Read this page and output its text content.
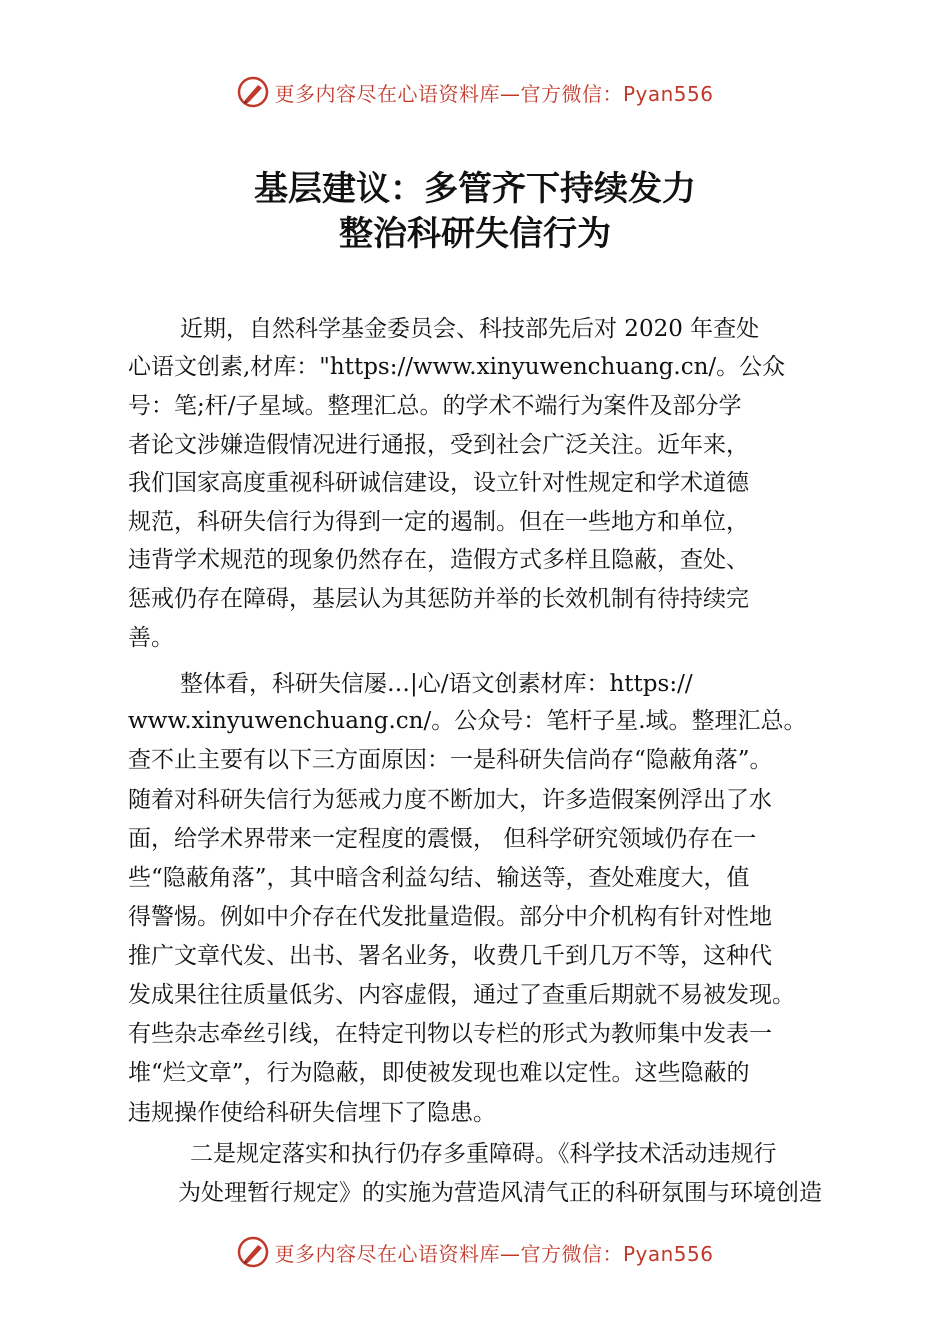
更多内容尽在心语资料库—官方微信：Pyan556
基层建议：多管齐下持续发力
整治科研失信行为
近期，自然科学基金委员会、科技部先后对 2020 年查处
心语文创素,材库："https://www.xinyuwenchuang.cn/。公众
号：笔;杆/子星域。整理汇总。的学术不端行为案件及部分学
者论文涉嫌造假情况进行通报，受到社会广泛关注。近年来，
我们国家高度重视科研诚信建设，设立针对性规定和学术道德
规范，科研失信行为得到一定的遏制。但在一些地方和单位，
违背学术规范的现象仍然存在，造假方式多样且隐蔽，查处、
惩戒仍存在障碍，基层认为其惩防并举的长效机制有待持续完
善。
整体看，科研失信屡…|心/语文创素材库：https://
www.xinyuwenchuang.cn/。公众号：笔杆子星.域。整理汇总。
查不止主要有以下三方面原因：一是科研失信尚存“隐蔽角落”。
随着对科研失信行为惩戒力度不断加大，许多造假案例浮出了水
面，给学术界带来一定程度的震慑， 但科学研究领域仍存在一
些“隐蔽角落”，其中暗含利益勾结、输送等，查处难度大，值
得警惕。例如中介存在代发批量造假。部分中介机构有针对性地
推广文章代发、出书、署名业务，收费几千到几万不等，这种代
发成果往往质量低劣、内容虚假，通过了查重后期就不易被发现。
有些杂志牵丝引线，在特定刊物以专栏的形式为教师集中发表一
堆“烂文章”，行为隐蔽，即使被发现也难以定性。这些隐蔽的
违规操作使给科研失信埋下了隐患。
二是规定落实和执行仍存多重障碍。《科学技术活动违规行
为处理暂行规定》的实施为营造风清气正的科研氛围与环境创造
更多内容尽在心语资料库—官方微信：Pyan556
